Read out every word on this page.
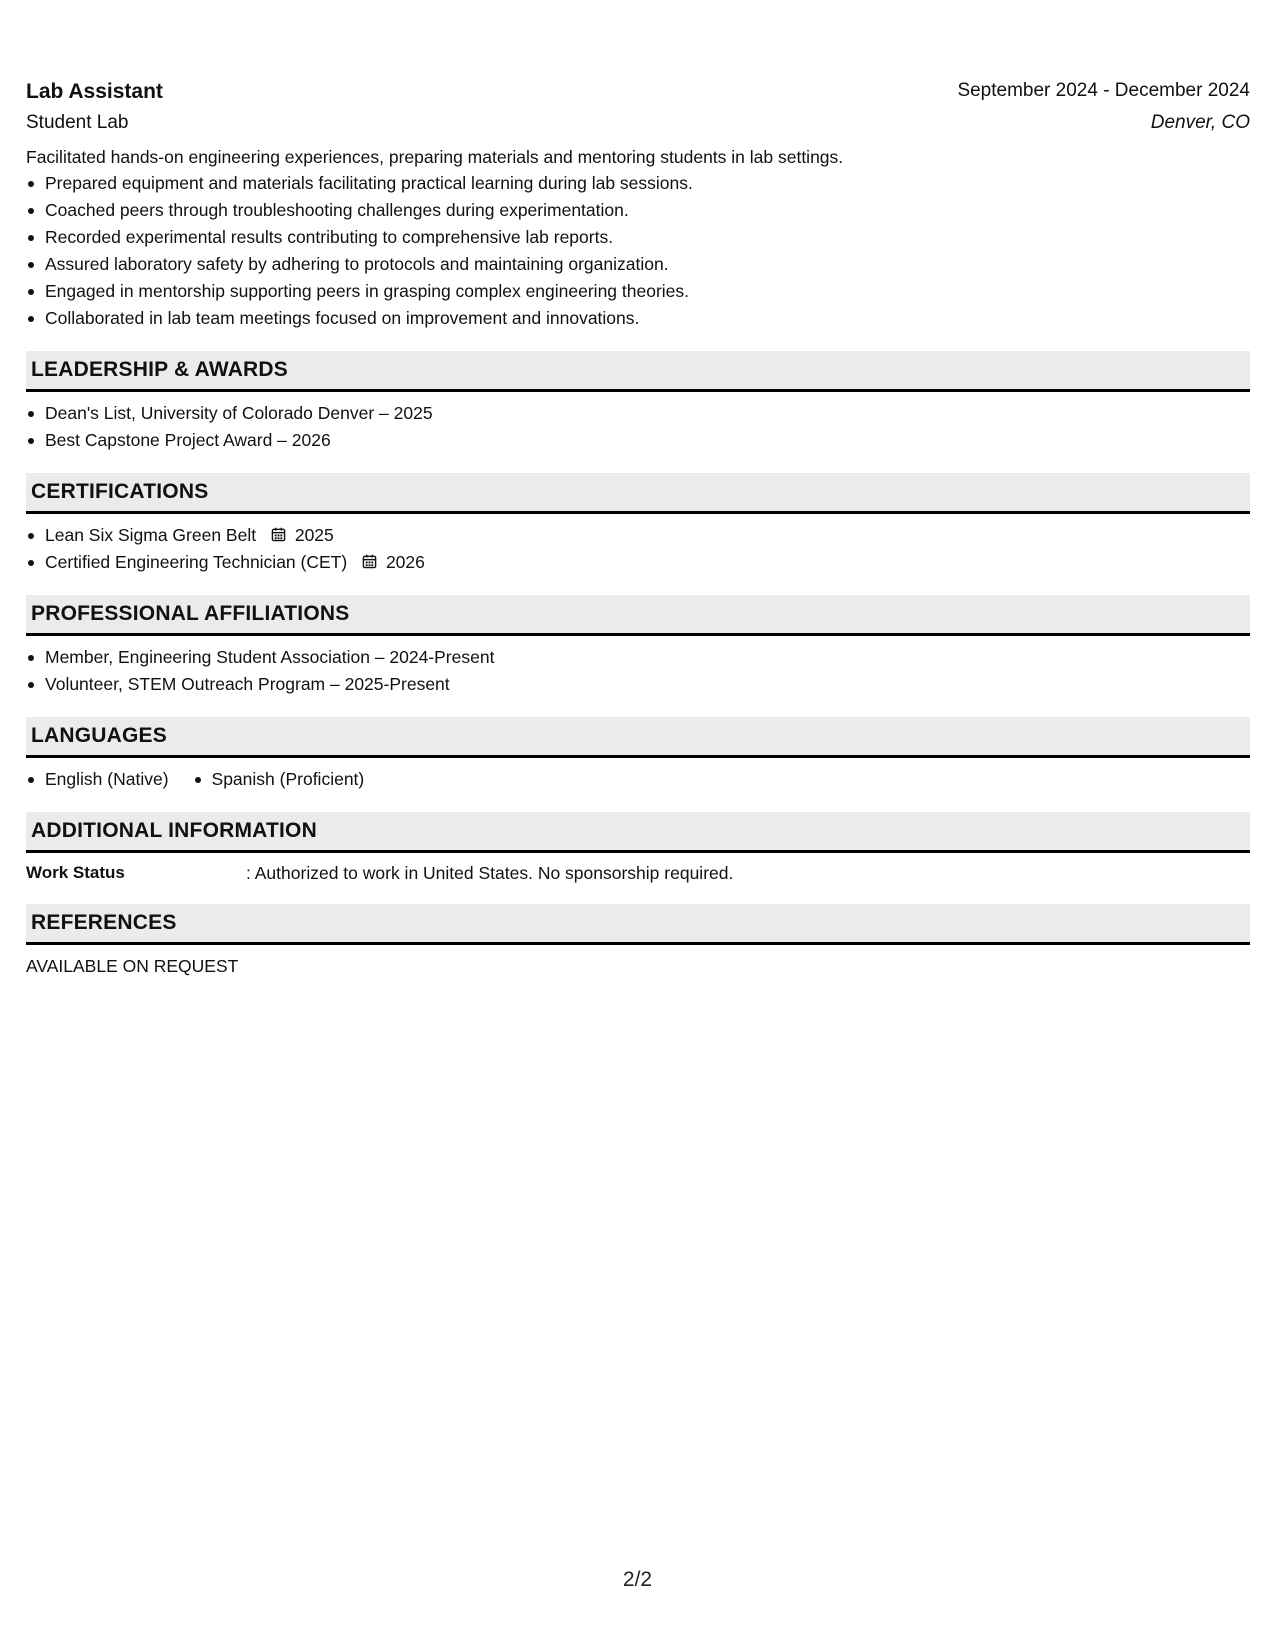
Lab Assistant	September 2024 - December 2024
Student Lab	Denver, CO
Facilitated hands-on engineering experiences, preparing materials and mentoring students in lab settings.
Prepared equipment and materials facilitating practical learning during lab sessions.
Coached peers through troubleshooting challenges during experimentation.
Recorded experimental results contributing to comprehensive lab reports.
Assured laboratory safety by adhering to protocols and maintaining organization.
Engaged in mentorship supporting peers in grasping complex engineering theories.
Collaborated in lab team meetings focused on improvement and innovations.
LEADERSHIP & AWARDS
Dean's List, University of Colorado Denver – 2025
Best Capstone Project Award – 2026
CERTIFICATIONS
Lean Six Sigma Green Belt 2025
Certified Engineering Technician (CET) 2026
PROFESSIONAL AFFILIATIONS
Member, Engineering Student Association – 2024-Present
Volunteer, STEM Outreach Program – 2025-Present
LANGUAGES
English (Native)	Spanish (Proficient)
ADDITIONAL INFORMATION
Work Status	: Authorized to work in United States. No sponsorship required.
REFERENCES
AVAILABLE ON REQUEST
2/2
